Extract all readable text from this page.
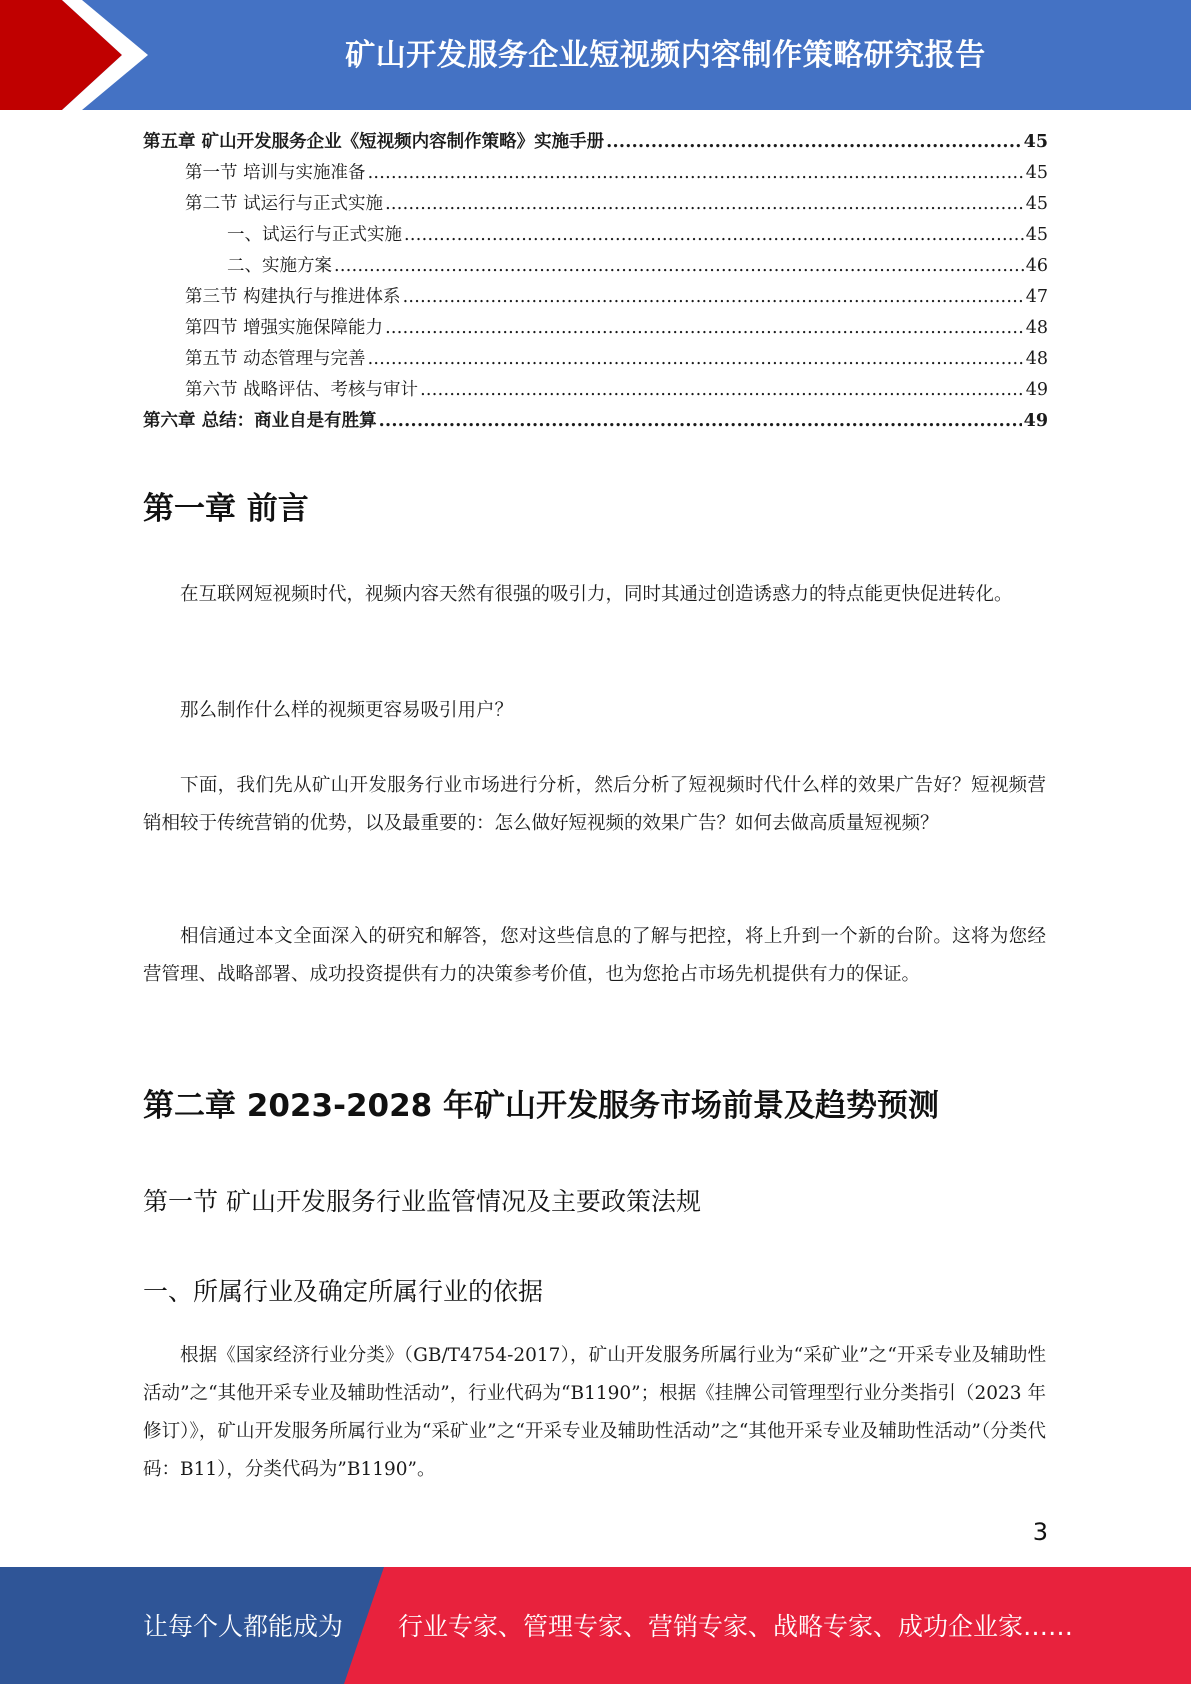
矿山开发服务企业短视频内容制作策略研究报告
第五章 矿山开发服务企业《短视频内容制作策略》实施手册 .....	45
第一节 培训与实施准备 .....	45
第二节 试运行与正式实施 .....	45
一、试运行与正式实施 .....	45
二、实施方案 .....	46
第三节 构建执行与推进体系 .....	47
第四节 增强实施保障能力 .....	48
第五节 动态管理与完善 .....	48
第六节 战略评估、考核与审计 .....	49
第六章 总结：商业自是有胜算 .....	49
第一章 前言

在互联网短视频时代，视频内容天然有很强的吸引力，同时其通过创造诱惑力的特点能更快促进转化。

那么制作什么样的视频更容易吸引用户？

下面，我们先从矿山开发服务行业市场进行分析，然后分析了短视频时代什么样的效果广告好？短视频营销相较于传统营销的优势，以及最重要的：怎么做好短视频的效果广告？如何去做高质量短视频？

相信通过本文全面深入的研究和解答，您对这些信息的了解与把控，将上升到一个新的台阶。这将为您经营管理、战略部署、成功投资提供有力的决策参考价值，也为您抢占市场先机提供有力的保证。

第二章 2023-2028 年矿山开发服务市场前景及趋势预测
第一节 矿山开发服务行业监管情况及主要政策法规
一、所属行业及确定所属行业的依据

根据《国家经济行业分类》（GB/T4754-2017），矿山开发服务所属行业为“采矿业”之“开采专业及辅助性活动”之“其他开采专业及辅助性活动”，行业代码为“B1190”；根据《挂牌公司管理型行业分类指引（2023 年修订）》，矿山开发服务所属行业为“采矿业”之“开采专业及辅助性活动”之“其他开采专业及辅助性活动”（分类代码：B11），分类代码为”B1190”。

3
让每个人都能成为 行业专家、管理专家、营销专家、战略专家、成功企业家……
